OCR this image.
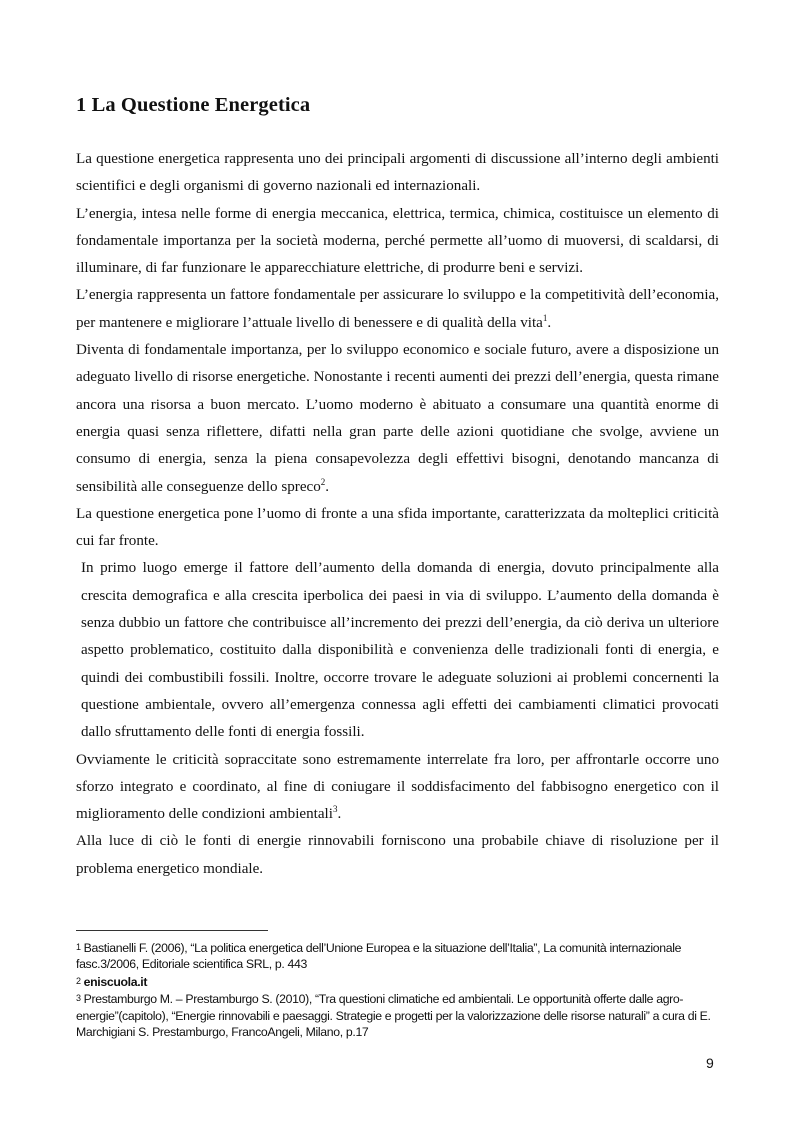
1 La Questione Energetica

La questione energetica rappresenta uno dei principali argomenti di discussione all’interno degli ambienti scientifici e degli organismi di governo nazionali ed internazionali.

L’energia, intesa nelle forme di energia meccanica, elettrica, termica, chimica, costituisce un elemento di fondamentale importanza per la società moderna, perché permette all’uomo di muoversi, di scaldarsi, di illuminare, di far funzionare le apparecchiature elettriche, di produrre beni e servizi.

L’energia rappresenta un fattore fondamentale per assicurare lo sviluppo e la competitività dell’economia, per mantenere e migliorare l’attuale livello di benessere e di qualità della vita$^1$.

Diventa di fondamentale importanza, per lo sviluppo economico e sociale futuro, avere a disposizione un adeguato livello di risorse energetiche. Nonostante i recenti aumenti dei prezzi dell’energia, questa rimane ancora una risorsa a buon mercato. L’uomo moderno è abituato a consumare una quantità enorme di energia quasi senza riflettere, difatti nella gran parte delle azioni quotidiane che svolge, avviene un consumo di energia, senza la piena consapevolezza degli effettivi bisogni, denotando mancanza di sensibilità alle conseguenze dello spreco$^2$.

La questione energetica pone l’uomo di fronte a una sfida importante, caratterizzata da molteplici criticità cui far fronte.

In primo luogo emerge il fattore dell’aumento della domanda di energia, dovuto principalmente alla crescita demografica e alla crescita iperbolica dei paesi in via di sviluppo. L’aumento della domanda è senza dubbio un fattore che contribuisce all’incremento dei prezzi dell’energia, da ciò deriva un ulteriore aspetto problematico, costituito dalla disponibilità e convenienza delle tradizionali fonti di energia, e quindi dei combustibili fossili. Inoltre, occorre trovare le adeguate soluzioni ai problemi concernenti la questione ambientale, ovvero all’emergenza connessa agli effetti dei cambiamenti climatici provocati dallo sfruttamento delle fonti di energia fossili.

Ovviamente le criticità sopraccitate sono estremamente interrelate fra loro, per affrontarle occorre uno sforzo integrato e coordinato, al fine di coniugare il soddisfacimento del fabbisogno energetico con il miglioramento delle condizioni ambientali$^3$.

Alla luce di ciò le fonti di energie rinnovabili forniscono una probabile chiave di risoluzione per il problema energetico mondiale.

1 Bastianelli F. (2006), “La politica energetica dell’Unione Europea e la situazione dell’Italia”, La comunità internazionale fasc.3/2006, Editoriale scientifica SRL, p. 443

2 eniscuola.it

3 Prestamburgo M. – Prestamburgo S. (2010), “Tra questioni climatiche ed ambientali. Le opportunità offerte dalle agro-energie”(capitolo), “Energie rinnovabili e paesaggi. Strategie e progetti per la valorizzazione delle risorse naturali” a cura di E. Marchigiani S. Prestamburgo, FrancoAngeli, Milano, p.17

9
